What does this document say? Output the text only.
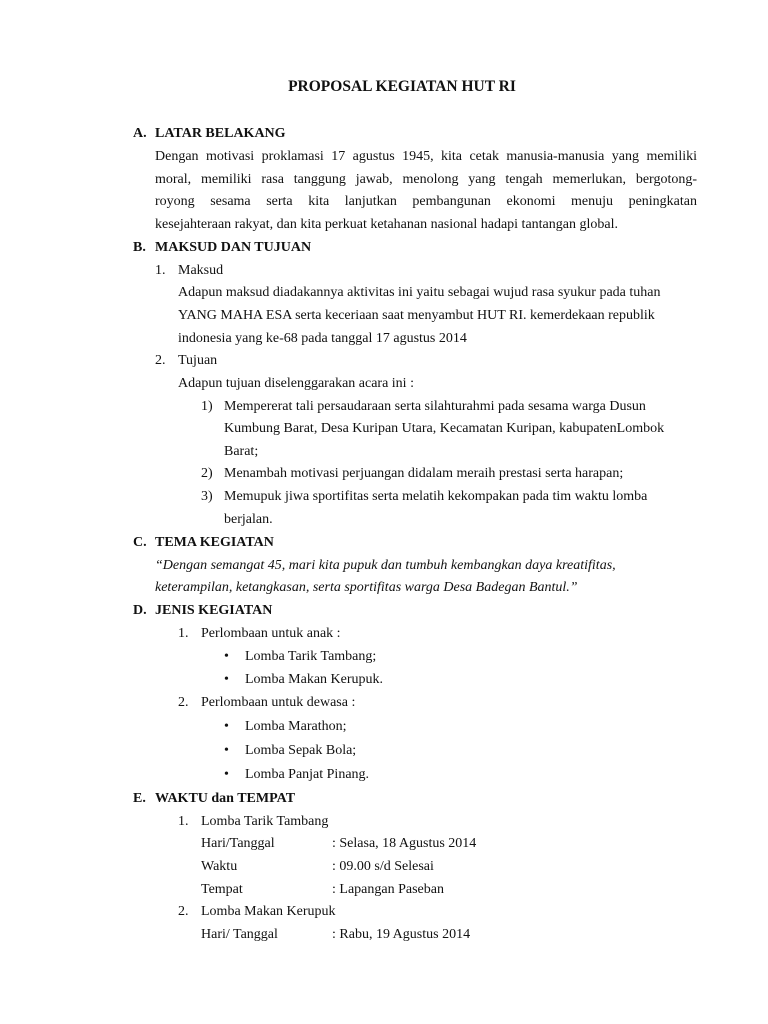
PROPOSAL KEGIATAN HUT RI
A. LATAR BELAKANG
Dengan motivasi proklamasi 17 agustus 1945, kita cetak manusia-manusia yang memiliki
moral, memiliki rasa tanggung jawab, menolong yang tengah memerlukan, bergotong-
royong sesama serta kita lanjutkan pembangunan ekonomi menuju peningkatan
kesejahteraan rakyat, dan kita perkuat ketahanan nasional hadapi tantangan global.
B. MAKSUD DAN TUJUAN
1. Maksud
Adapun maksud diadakannya aktivitas ini yaitu sebagai wujud rasa syukur pada tuhan
YANG MAHA ESA serta keceriaan saat menyambut HUT RI. kemerdekaan republik
indonesia yang ke-68 pada tanggal 17 agustus 2014
2. Tujuan
Adapun tujuan diselenggarakan acara ini :
1) Mempererat tali persaudaraan serta silahturahmi pada sesama warga Dusun
Kumbung Barat, Desa Kuripan Utara, Kecamatan Kuripan, kabupatenLombok
Barat;
2) Menambah motivasi perjuangan didalam meraih prestasi serta harapan;
3) Memupuk jiwa sportifitas serta melatih kekompakan pada tim waktu lomba
berjalan.
C. TEMA KEGIATAN
“Dengan semangat 45, mari kita pupuk dan tumbuh kembangkan daya kreatifitas,
keterampilan, ketangkasan, serta sportifitas warga Desa Badegan Bantul.”
D. JENIS KEGIATAN
1. Perlombaan untuk anak :
• Lomba Tarik Tambang;
• Lomba Makan Kerupuk.
2. Perlombaan untuk dewasa :
• Lomba Marathon;
• Lomba Sepak Bola;
• Lomba Panjat Pinang.
E. WAKTU dan TEMPAT
1. Lomba Tarik Tambang
Hari/Tanggal	: Selasa, 18 Agustus 2014
Waktu	: 09.00 s/d Selesai
Tempat	: Lapangan Paseban
2. Lomba Makan Kerupuk
Hari/ Tanggal	: Rabu, 19 Agustus 2014
